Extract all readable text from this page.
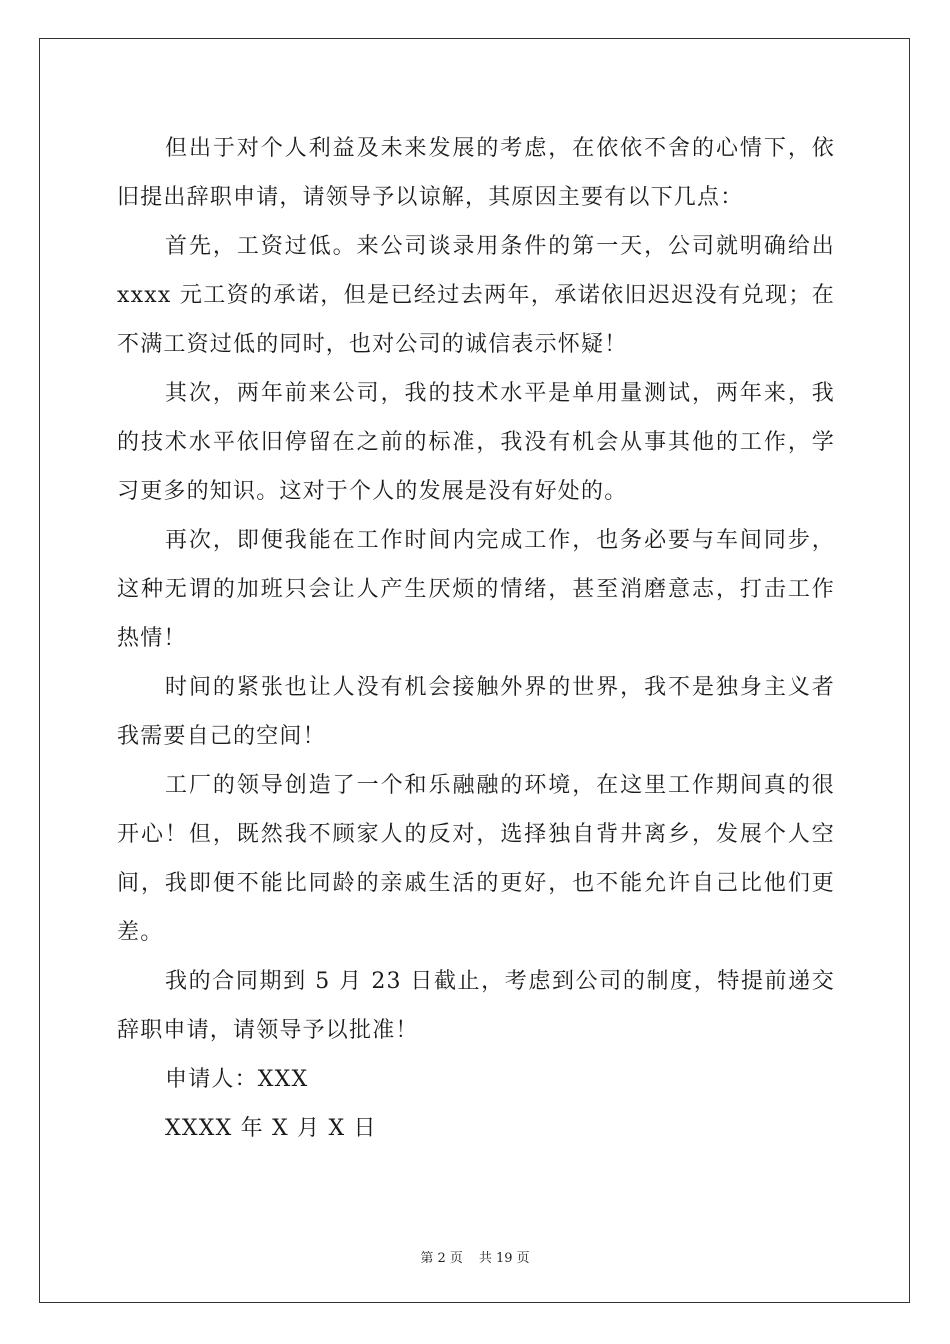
但出于对个人利益及未来发展的考虑，在依依不舍的心情下，依旧提出辞职申请，请领导予以谅解，其原因主要有以下几点：

首先，工资过低。来公司谈录用条件的第一天，公司就明确给出 xxxx 元工资的承诺，但是已经过去两年，承诺依旧迟迟没有兑现；在不满工资过低的同时，也对公司的诚信表示怀疑！

其次，两年前来公司，我的技术水平是单用量测试，两年来，我的技术水平依旧停留在之前的标准，我没有机会从事其他的工作，学习更多的知识。这对于个人的发展是没有好处的。

再次，即便我能在工作时间内完成工作，也务必要与车间同步，这种无谓的加班只会让人产生厌烦的情绪，甚至消磨意志，打击工作热情！

时间的紧张也让人没有机会接触外界的世界，我不是独身主义者我需要自己的空间！

工厂的领导创造了一个和乐融融的环境，在这里工作期间真的很开心！但，既然我不顾家人的反对，选择独自背井离乡，发展个人空间，我即便不能比同龄的亲戚生活的更好，也不能允许自己比他们更差。

我的合同期到 5 月 23 日截止，考虑到公司的制度，特提前递交辞职申请，请领导予以批准！

申请人：XXX

XXXX 年 X 月 X 日

第 2 页 共 19 页
